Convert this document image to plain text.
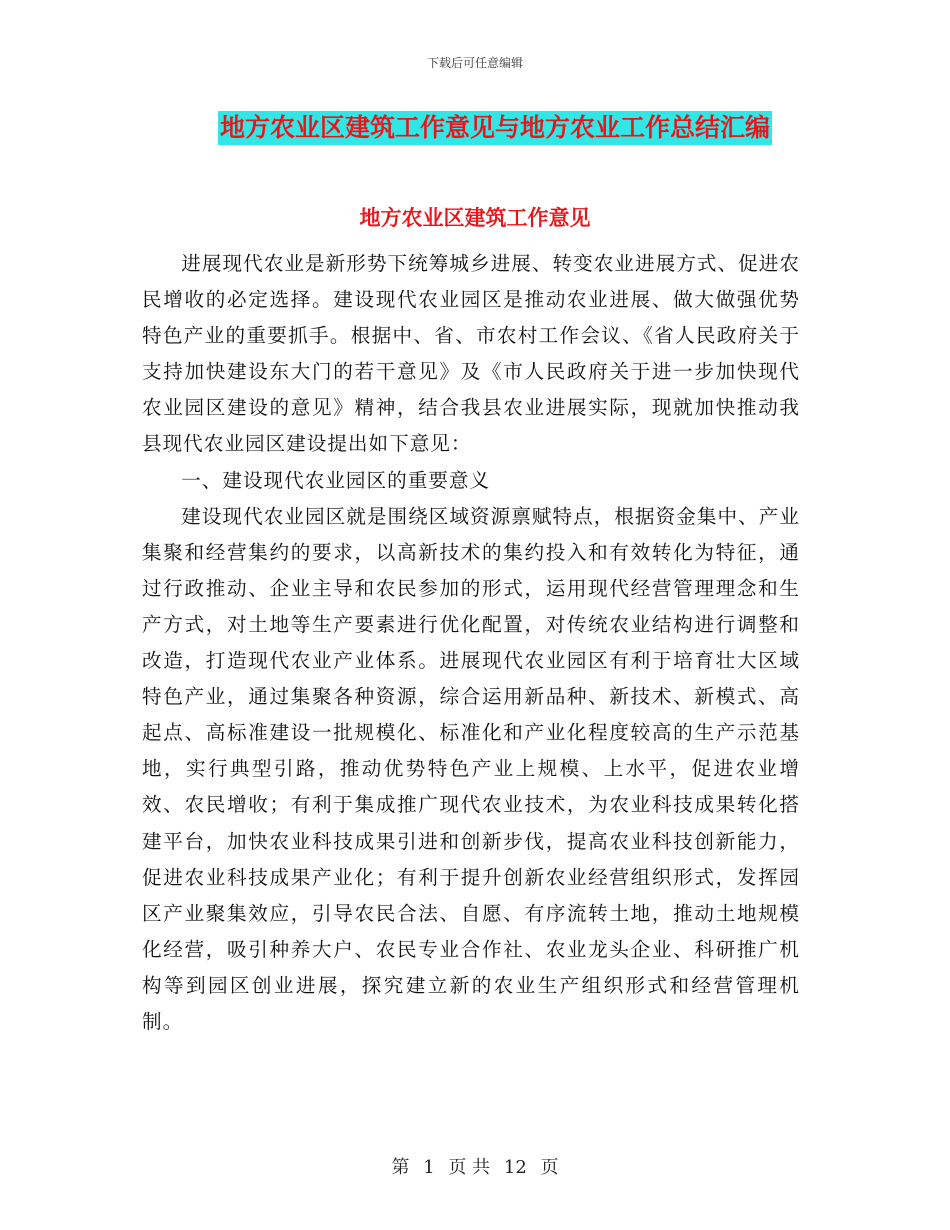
下载后可任意编辑
地方农业区建筑工作意见与地方农业工作总结汇编
地方农业区建筑工作意见

进展现代农业是新形势下统筹城乡进展、转变农业进展方式、促进农民增收的必定选择。建设现代农业园区是推动农业进展、做大做强优势特色产业的重要抓手。根据中、省、市农村工作会议、《省人民政府关于支持加快建设东大门的若干意见》及《市人民政府关于进一步加快现代农业园区建设的意见》精神，结合我县农业进展实际，现就加快推动我县现代农业园区建设提出如下意见：

一、建设现代农业园区的重要意义

建设现代农业园区就是围绕区域资源禀赋特点，根据资金集中、产业集聚和经营集约的要求，以高新技术的集约投入和有效转化为特征，通过行政推动、企业主导和农民参加的形式，运用现代经营管理理念和生产方式，对土地等生产要素进行优化配置，对传统农业结构进行调整和改造，打造现代农业产业体系。进展现代农业园区有利于培育壮大区域特色产业，通过集聚各种资源，综合运用新品种、新技术、新模式、高起点、高标准建设一批规模化、标准化和产业化程度较高的生产示范基地，实行典型引路，推动优势特色产业上规模、上水平，促进农业增效、农民增收；有利于集成推广现代农业技术，为农业科技成果转化搭建平台，加快农业科技成果引进和创新步伐，提高农业科技创新能力，促进农业科技成果产业化；有利于提升创新农业经营组织形式，发挥园区产业聚集效应，引导农民合法、自愿、有序流转土地，推动土地规模化经营，吸引种养大户、农民专业合作社、农业龙头企业、科研推广机构等到园区创业进展，探究建立新的农业生产组织形式和经营管理机制。

第 1 页 共 12 页
